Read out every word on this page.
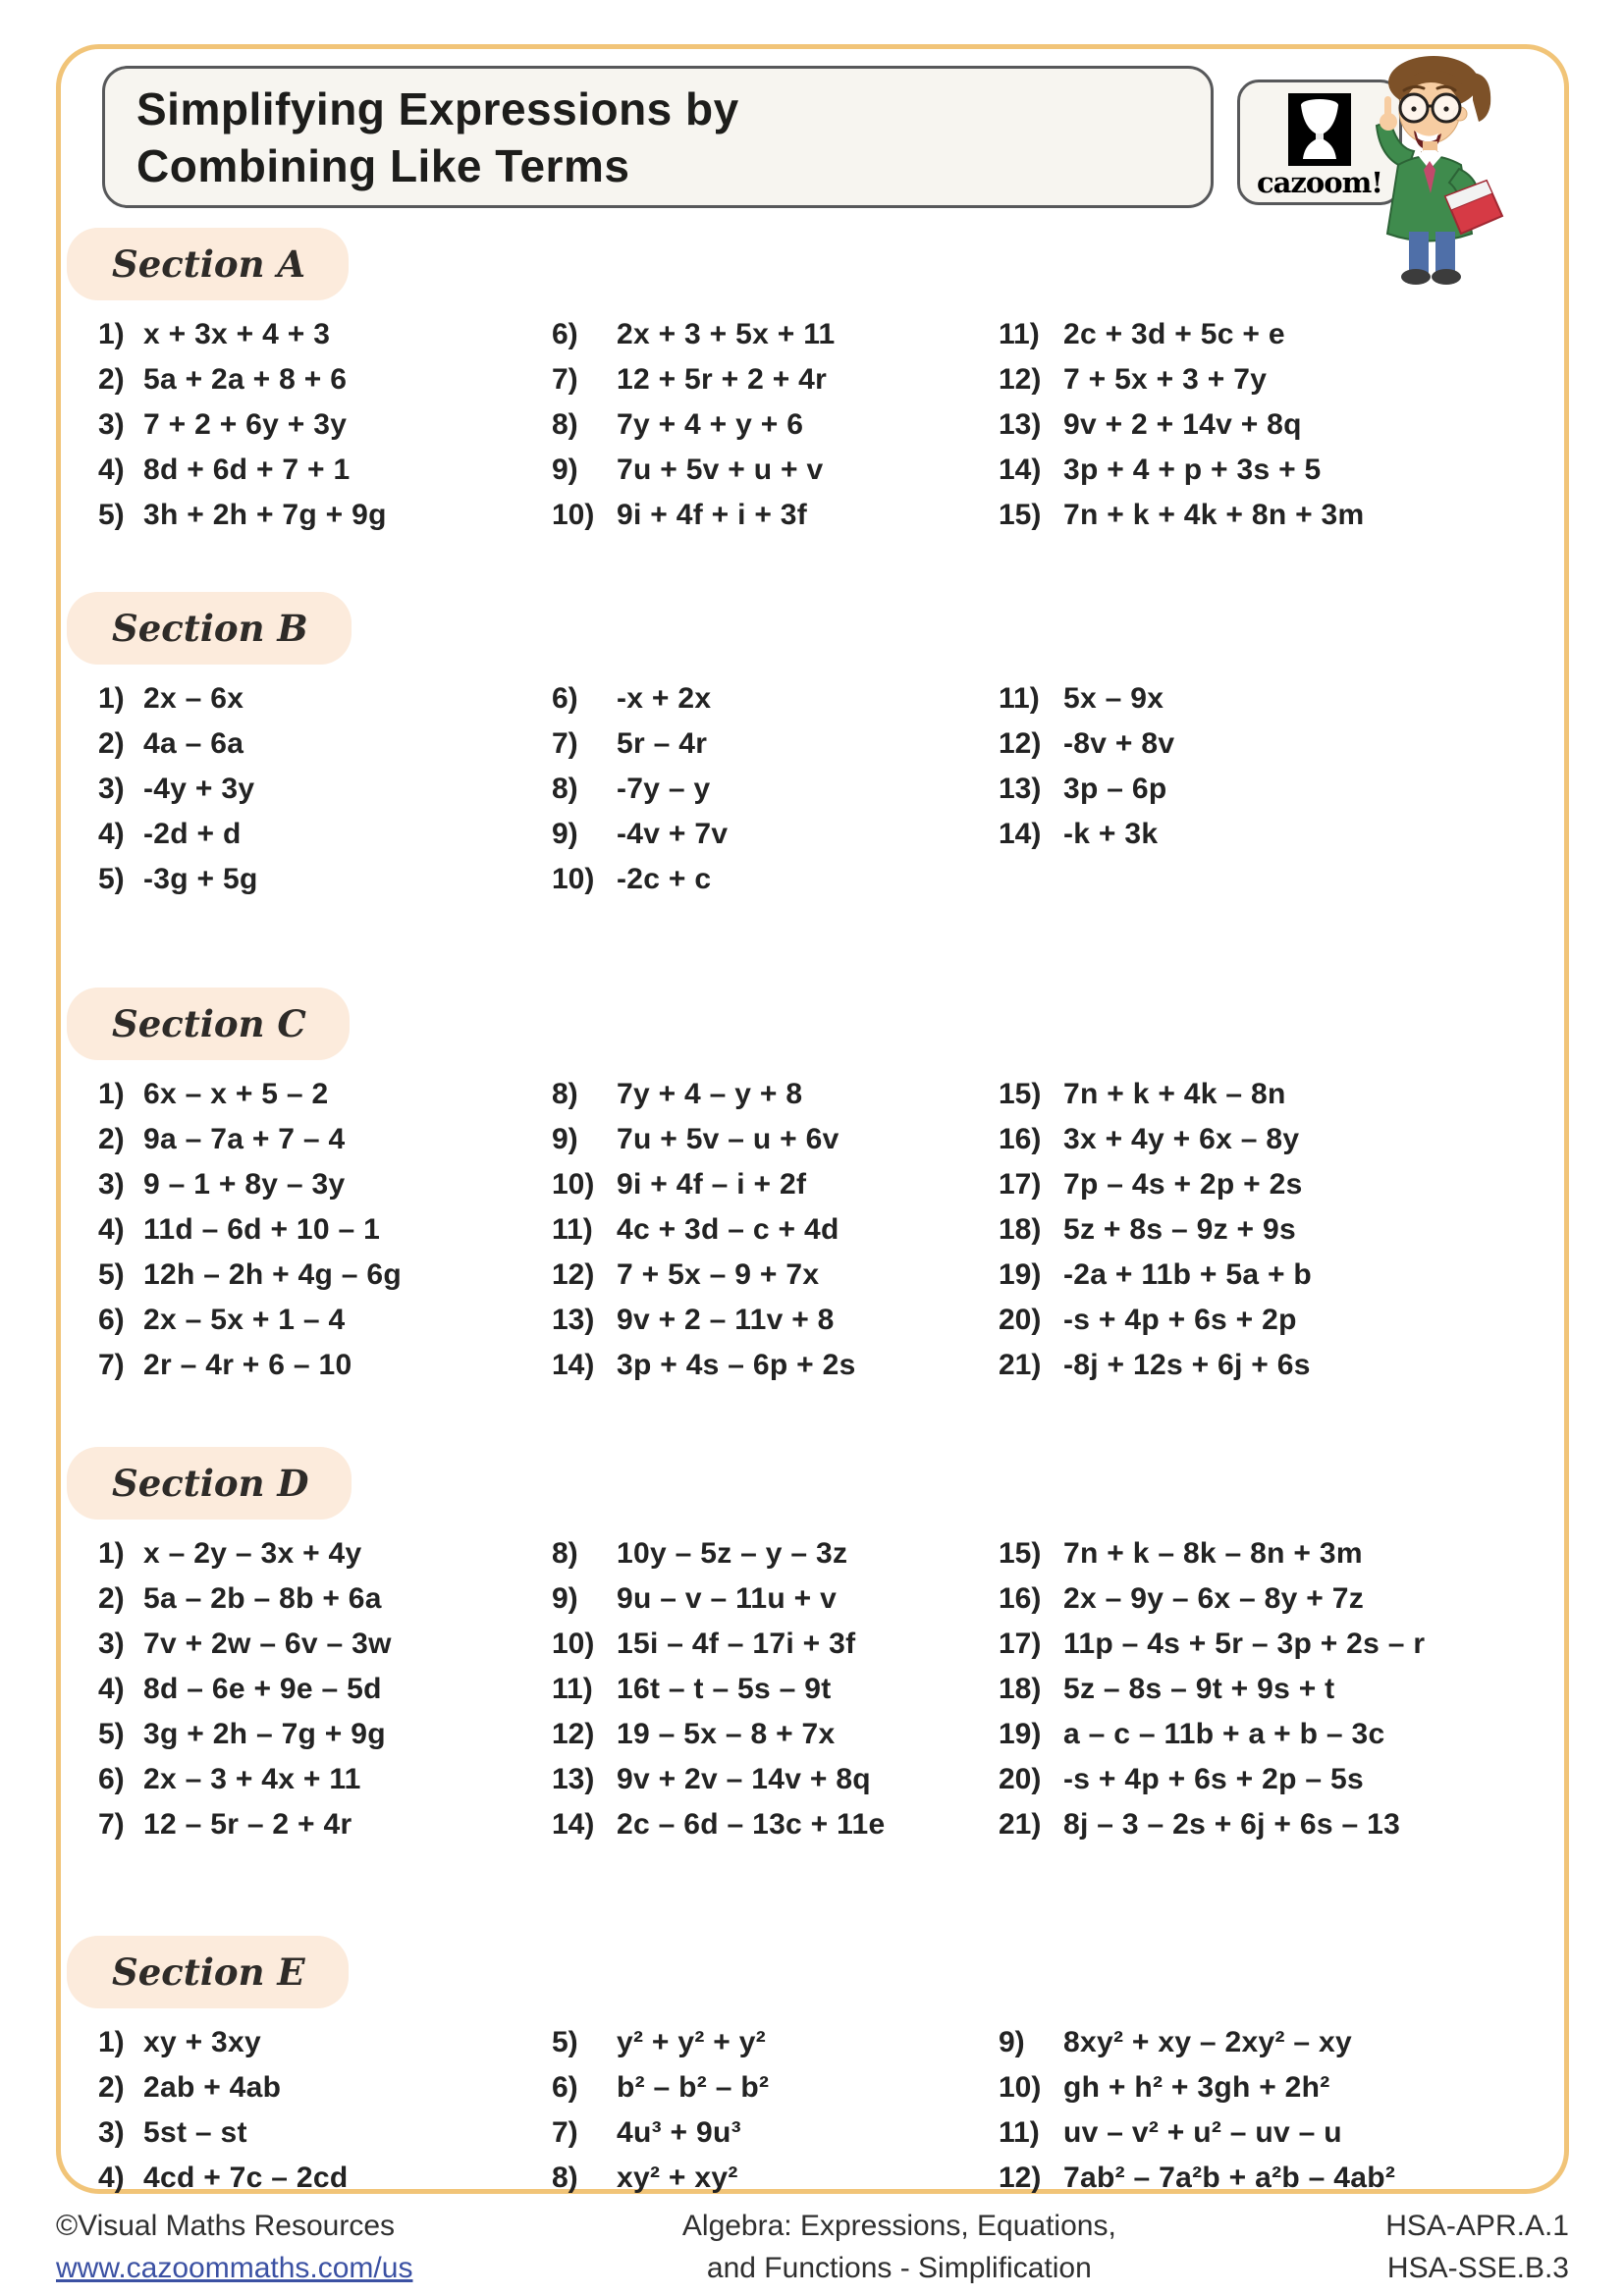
Simplifying Expressions by
Combining Like Terms	cazoom!
Section A
1) x + 3x + 4 + 3
2) 5a + 2a + 8 + 6
3) 7 + 2 + 6y + 3y
4) 8d + 6d + 7 + 1
5) 3h + 2h + 7g + 9g
6)	2x + 3 + 5x + 11
7)	12 + 5r + 2 + 4r
8)	7y + 4 + y + 6
9)	7u + 5v + u + v
10) 9i + 4f + i + 3f
11) 2c + 3d + 5c + e
12) 7 + 5x + 3 + 7y
13) 9v + 2 + 14v + 8q
14) 3p + 4 + p + 3s + 5
15) 7n + k + 4k + 8n + 3m
Section B
1) 2x – 6x
2) 4a – 6a
3) -4y + 3y
4) -2d + d
5) -3g + 5g
6)	-x + 2x
7)	5r – 4r
8)	-7y – y
9)	-4v + 7v
10) -2c + c
11) 5x – 9x
12) -8v + 8v
13) 3p – 6p
14) -k + 3k
Section C
1) 6x – x + 5 – 2
2) 9a – 7a + 7 – 4
3) 9 – 1 + 8y – 3y
4) 11d – 6d + 10 – 1
5) 12h – 2h + 4g – 6g
6) 2x – 5x + 1 – 4
7) 2r – 4r + 6 – 10
8)	7y + 4 – y + 8
9)	7u + 5v – u + 6v
10) 9i + 4f – i + 2f
11) 4c + 3d – c + 4d
12) 7 + 5x – 9 + 7x
13) 9v + 2 – 11v + 8
14) 3p + 4s – 6p + 2s
15) 7n + k + 4k – 8n
16) 3x + 4y + 6x – 8y
17) 7p – 4s + 2p + 2s
18) 5z + 8s – 9z + 9s
19) -2a + 11b + 5a + b
20) -s + 4p + 6s + 2p
21) -8j + 12s + 6j + 6s
Section D
1) x – 2y – 3x + 4y
2) 5a – 2b – 8b + 6a
3) 7v + 2w – 6v – 3w
4) 8d – 6e + 9e – 5d
5) 3g + 2h – 7g + 9g
6) 2x – 3 + 4x + 11
7) 12 – 5r – 2 + 4r
8)	10y – 5z – y – 3z
9)	9u – v – 11u + v
10) 15i – 4f – 17i + 3f
11) 16t – t – 5s – 9t
12) 19 – 5x – 8 + 7x
13) 9v + 2v – 14v + 8q
14) 2c – 6d – 13c + 11e
15) 7n + k – 8k – 8n + 3m
16) 2x – 9y – 6x – 8y + 7z
17) 11p – 4s + 5r – 3p + 2s – r
18) 5z – 8s – 9t + 9s + t
19) a – c – 11b + a + b – 3c
20) -s + 4p + 6s + 2p – 5s
21) 8j – 3 – 2s + 6j + 6s – 13
Section E
1) xy + 3xy
2) 2ab + 4ab
3) 5st – st
4) 4cd + 7c – 2cd
5)	y² + y² + y²
6)	b² – b² – b²
7)	4u³ + 9u³
8)	xy² + xy²
9)	8xy² + xy – 2xy² – xy
10) gh + h² + 3gh + 2h²
11) uv – v² + u² – uv – u
12) 7ab² – 7a²b + a²b – 4ab²
©Visual Maths Resources
www.cazoommaths.com/us
Algebra: Expressions, Equations,
and Functions - Simplification
HSA-APR.A.1
HSA-SSE.B.3
